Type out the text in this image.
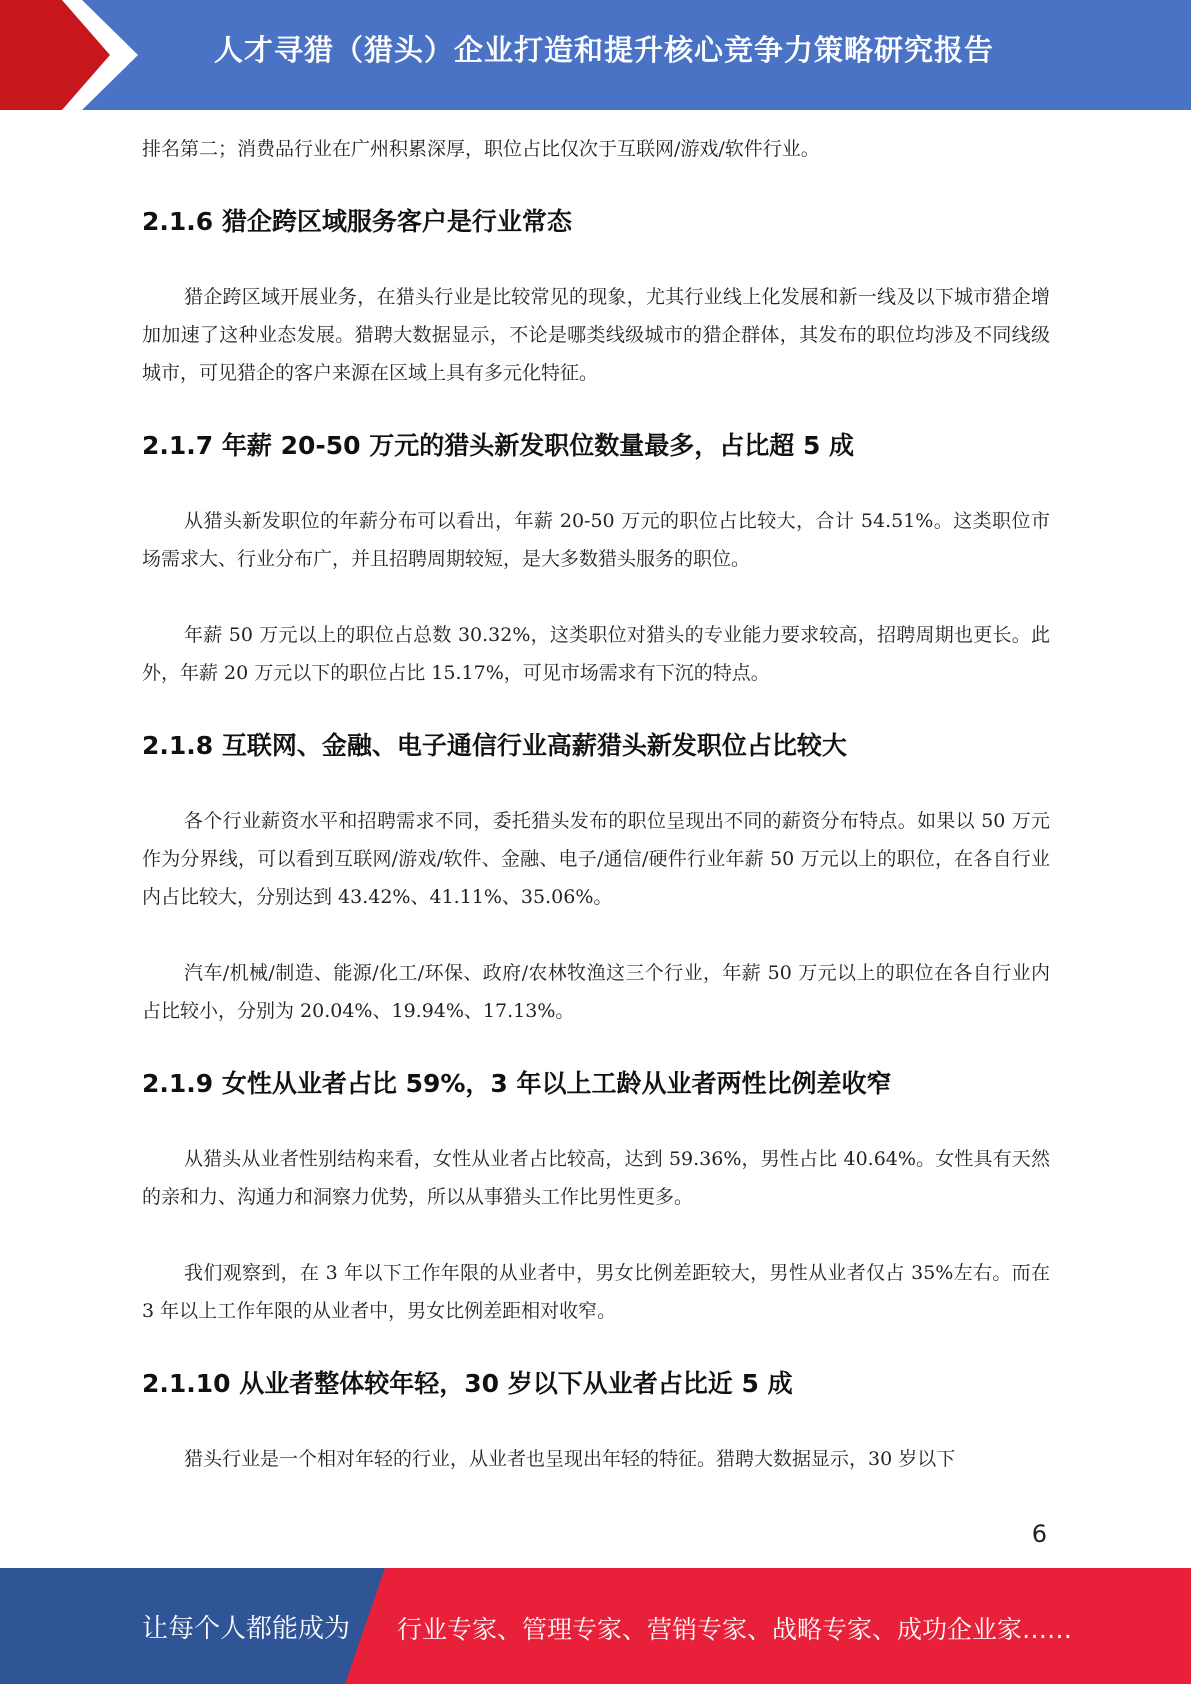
人才寻猎（猎头）企业打造和提升核心竞争力策略研究报告

排名第二；消费品行业在广州积累深厚，职位占比仅次于互联网/游戏/软件行业。

2.1.6 猎企跨区域服务客户是行业常态

猎企跨区域开展业务，在猎头行业是比较常见的现象，尤其行业线上化发展和新一线及以下城市猎企增加加速了这种业态发展。猎聘大数据显示，不论是哪类线级城市的猎企群体，其发布的职位均涉及不同线级城市，可见猎企的客户来源在区域上具有多元化特征。

2.1.7 年薪 20-50 万元的猎头新发职位数量最多，占比超 5 成

从猎头新发职位的年薪分布可以看出，年薪 20-50 万元的职位占比较大，合计 54.51%。这类职位市场需求大、行业分布广，并且招聘周期较短，是大多数猎头服务的职位。

年薪 50 万元以上的职位占总数 30.32%，这类职位对猎头的专业能力要求较高，招聘周期也更长。此外，年薪 20 万元以下的职位占比 15.17%，可见市场需求有下沉的特点。

2.1.8 互联网、金融、电子通信行业高薪猎头新发职位占比较大

各个行业薪资水平和招聘需求不同，委托猎头发布的职位呈现出不同的薪资分布特点。如果以 50 万元作为分界线，可以看到互联网/游戏/软件、金融、电子/通信/硬件行业年薪 50 万元以上的职位，在各自行业内占比较大，分别达到 43.42%、41.11%、35.06%。

汽车/机械/制造、能源/化工/环保、政府/农林牧渔这三个行业，年薪 50 万元以上的职位在各自行业内占比较小，分别为 20.04%、19.94%、17.13%。

2.1.9 女性从业者占比 59%，3 年以上工龄从业者两性比例差收窄

从猎头从业者性别结构来看，女性从业者占比较高，达到 59.36%，男性占比 40.64%。女性具有天然的亲和力、沟通力和洞察力优势，所以从事猎头工作比男性更多。

我们观察到，在 3 年以下工作年限的从业者中，男女比例差距较大，男性从业者仅占 35%左右。而在 3 年以上工作年限的从业者中，男女比例差距相对收窄。

2.1.10 从业者整体较年轻，30 岁以下从业者占比近 5 成

猎头行业是一个相对年轻的行业，从业者也呈现出年轻的特征。猎聘大数据显示，30 岁以下

6
让每个人都能成为 行业专家、管理专家、营销专家、战略专家、成功企业家……
